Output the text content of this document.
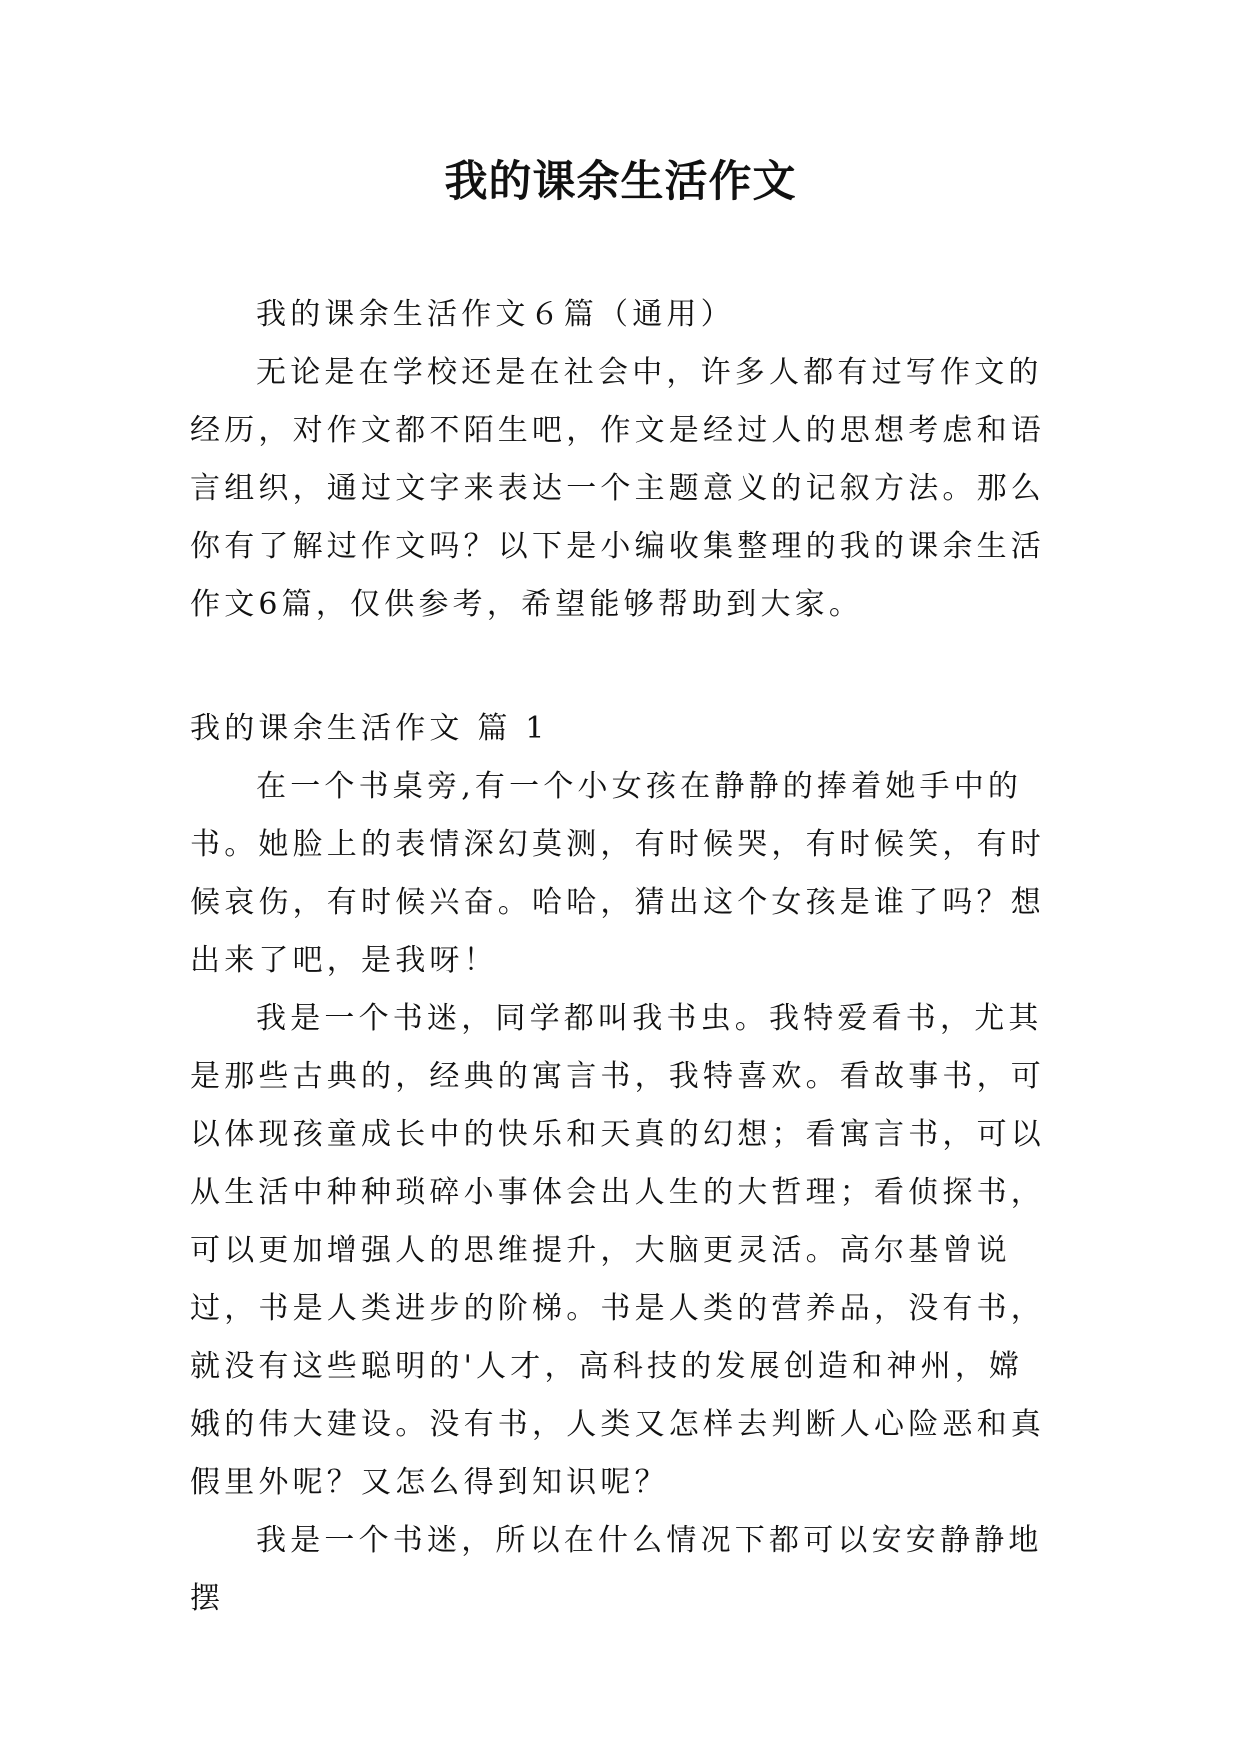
我的课余生活作文

我的课余生活作文６篇（通用）

无论是在学校还是在社会中，许多人都有过写作文的经历，对作文都不陌生吧，作文是经过人的思想考虑和语言组织，通过文字来表达一个主题意义的记叙方法。那么你有了解过作文吗？以下是小编收集整理的我的课余生活作文6篇，仅供参考，希望能够帮助到大家。

我的课余生活作文 篇 1

在一个书桌旁,有一个小女孩在静静的捧着她手中的书。她脸上的表情深幻莫测，有时候哭，有时候笑，有时候哀伤，有时候兴奋。哈哈，猜出这个女孩是谁了吗？想出来了吧，是我呀！

我是一个书迷，同学都叫我书虫。我特爱看书，尤其是那些古典的，经典的寓言书，我特喜欢。看故事书，可以体现孩童成长中的快乐和天真的幻想；看寓言书，可以从生活中种种琐碎小事体会出人生的大哲理；看侦探书，可以更加增强人的思维提升，大脑更灵活。高尔基曾说过，书是人类进步的阶梯。书是人类的营养品，没有书，就没有这些聪明的'人才，高科技的发展创造和神州，嫦娥的伟大建设。没有书，人类又怎样去判断人心险恶和真假里外呢？又怎么得到知识呢？

我是一个书迷，所以在什么情况下都可以安安静静地摆
